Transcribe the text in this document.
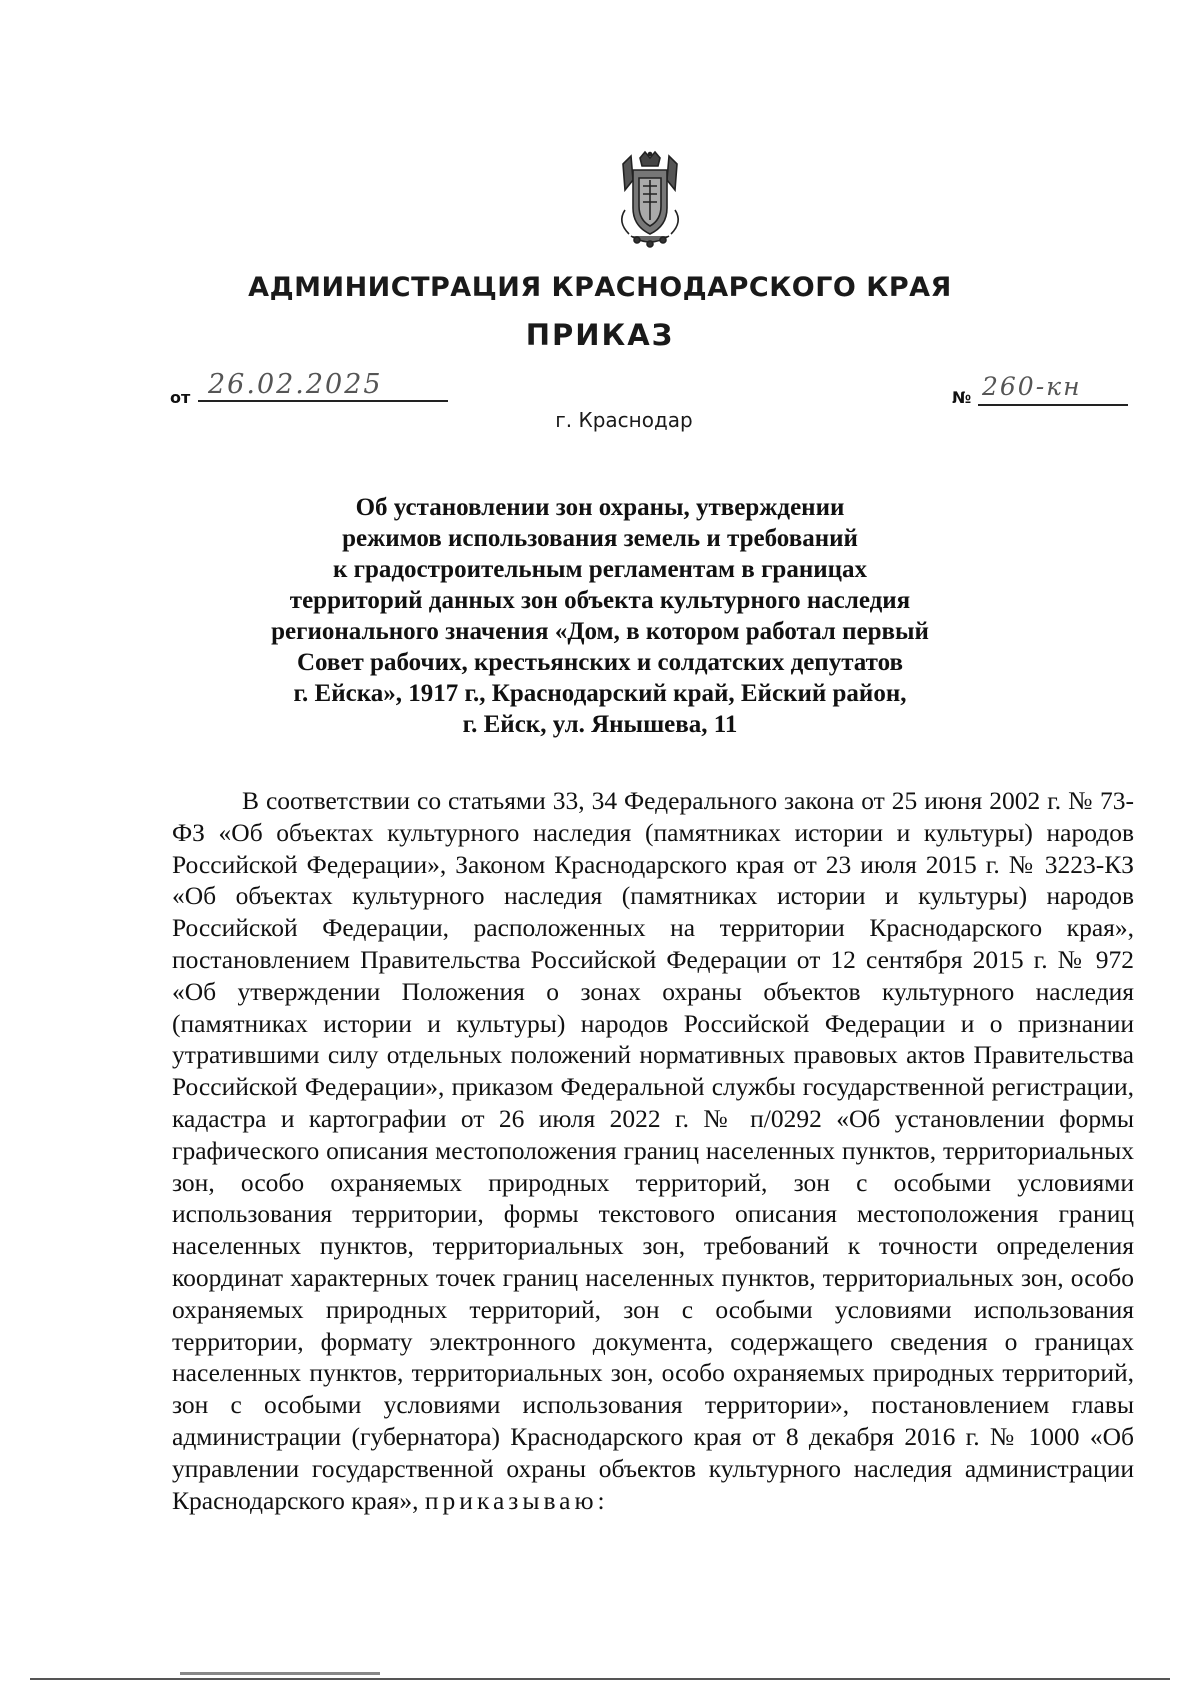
АДМИНИСТРАЦИЯ КРАСНОДАРСКОГО КРАЯ
ПРИКАЗ
от 26.02.2025	№ 260-кн
г. Краснодар
Об установлении зон охраны, утверждении
режимов использования земель и требований
к градостроительным регламентам в границах
территорий данных зон объекта культурного наследия
регионального значения «Дом, в котором работал первый
Совет рабочих, крестьянских и солдатских депутатов
г. Ейска», 1917 г., Краснодарский край, Ейский район,
г. Ейск, ул. Янышева, 11

В соответствии со статьями 33, 34 Федерального закона от 25 июня 2002 г. № 73-ФЗ «Об объектах культурного наследия (памятниках истории и культуры) народов Российской Федерации», Законом Краснодарского края от 23 июля 2015 г. № 3223-КЗ «Об объектах культурного наследия (памятниках истории и культуры) народов Российской Федерации, расположенных на территории Краснодарского края», постановлением Правительства Российской Федерации от 12 сентября 2015 г. № 972 «Об утверждении Положения о зонах охраны объектов культурного наследия (памятниках истории и культуры) народов Российской Федерации и о признании утратившими силу отдельных положений нормативных правовых актов Правительства Российской Федерации», приказом Федеральной службы государственной регистрации, кадастра и картографии от 26 июля 2022 г. № п/0292 «Об установлении формы графического описания местоположения границ населенных пунктов, территориальных зон, особо охраняемых природных территорий, зон с особыми условиями использования территории, формы текстового описания местоположения границ населенных пунктов, территориальных зон, требований к точности определения координат характерных точек границ населенных пунктов, территориальных зон, особо охраняемых природных территорий, зон с особыми условиями использования территории, формату электронного документа, содержащего сведения о границах населенных пунктов, территориальных зон, особо охраняемых природных территорий, зон с особыми условиями использования территории», постановлением главы администрации (губернатора) Краснодарского края от 8 декабря 2016 г. № 1000 «Об управлении государственной охраны объектов культурного наследия администрации Краснодарского края», приказываю:
